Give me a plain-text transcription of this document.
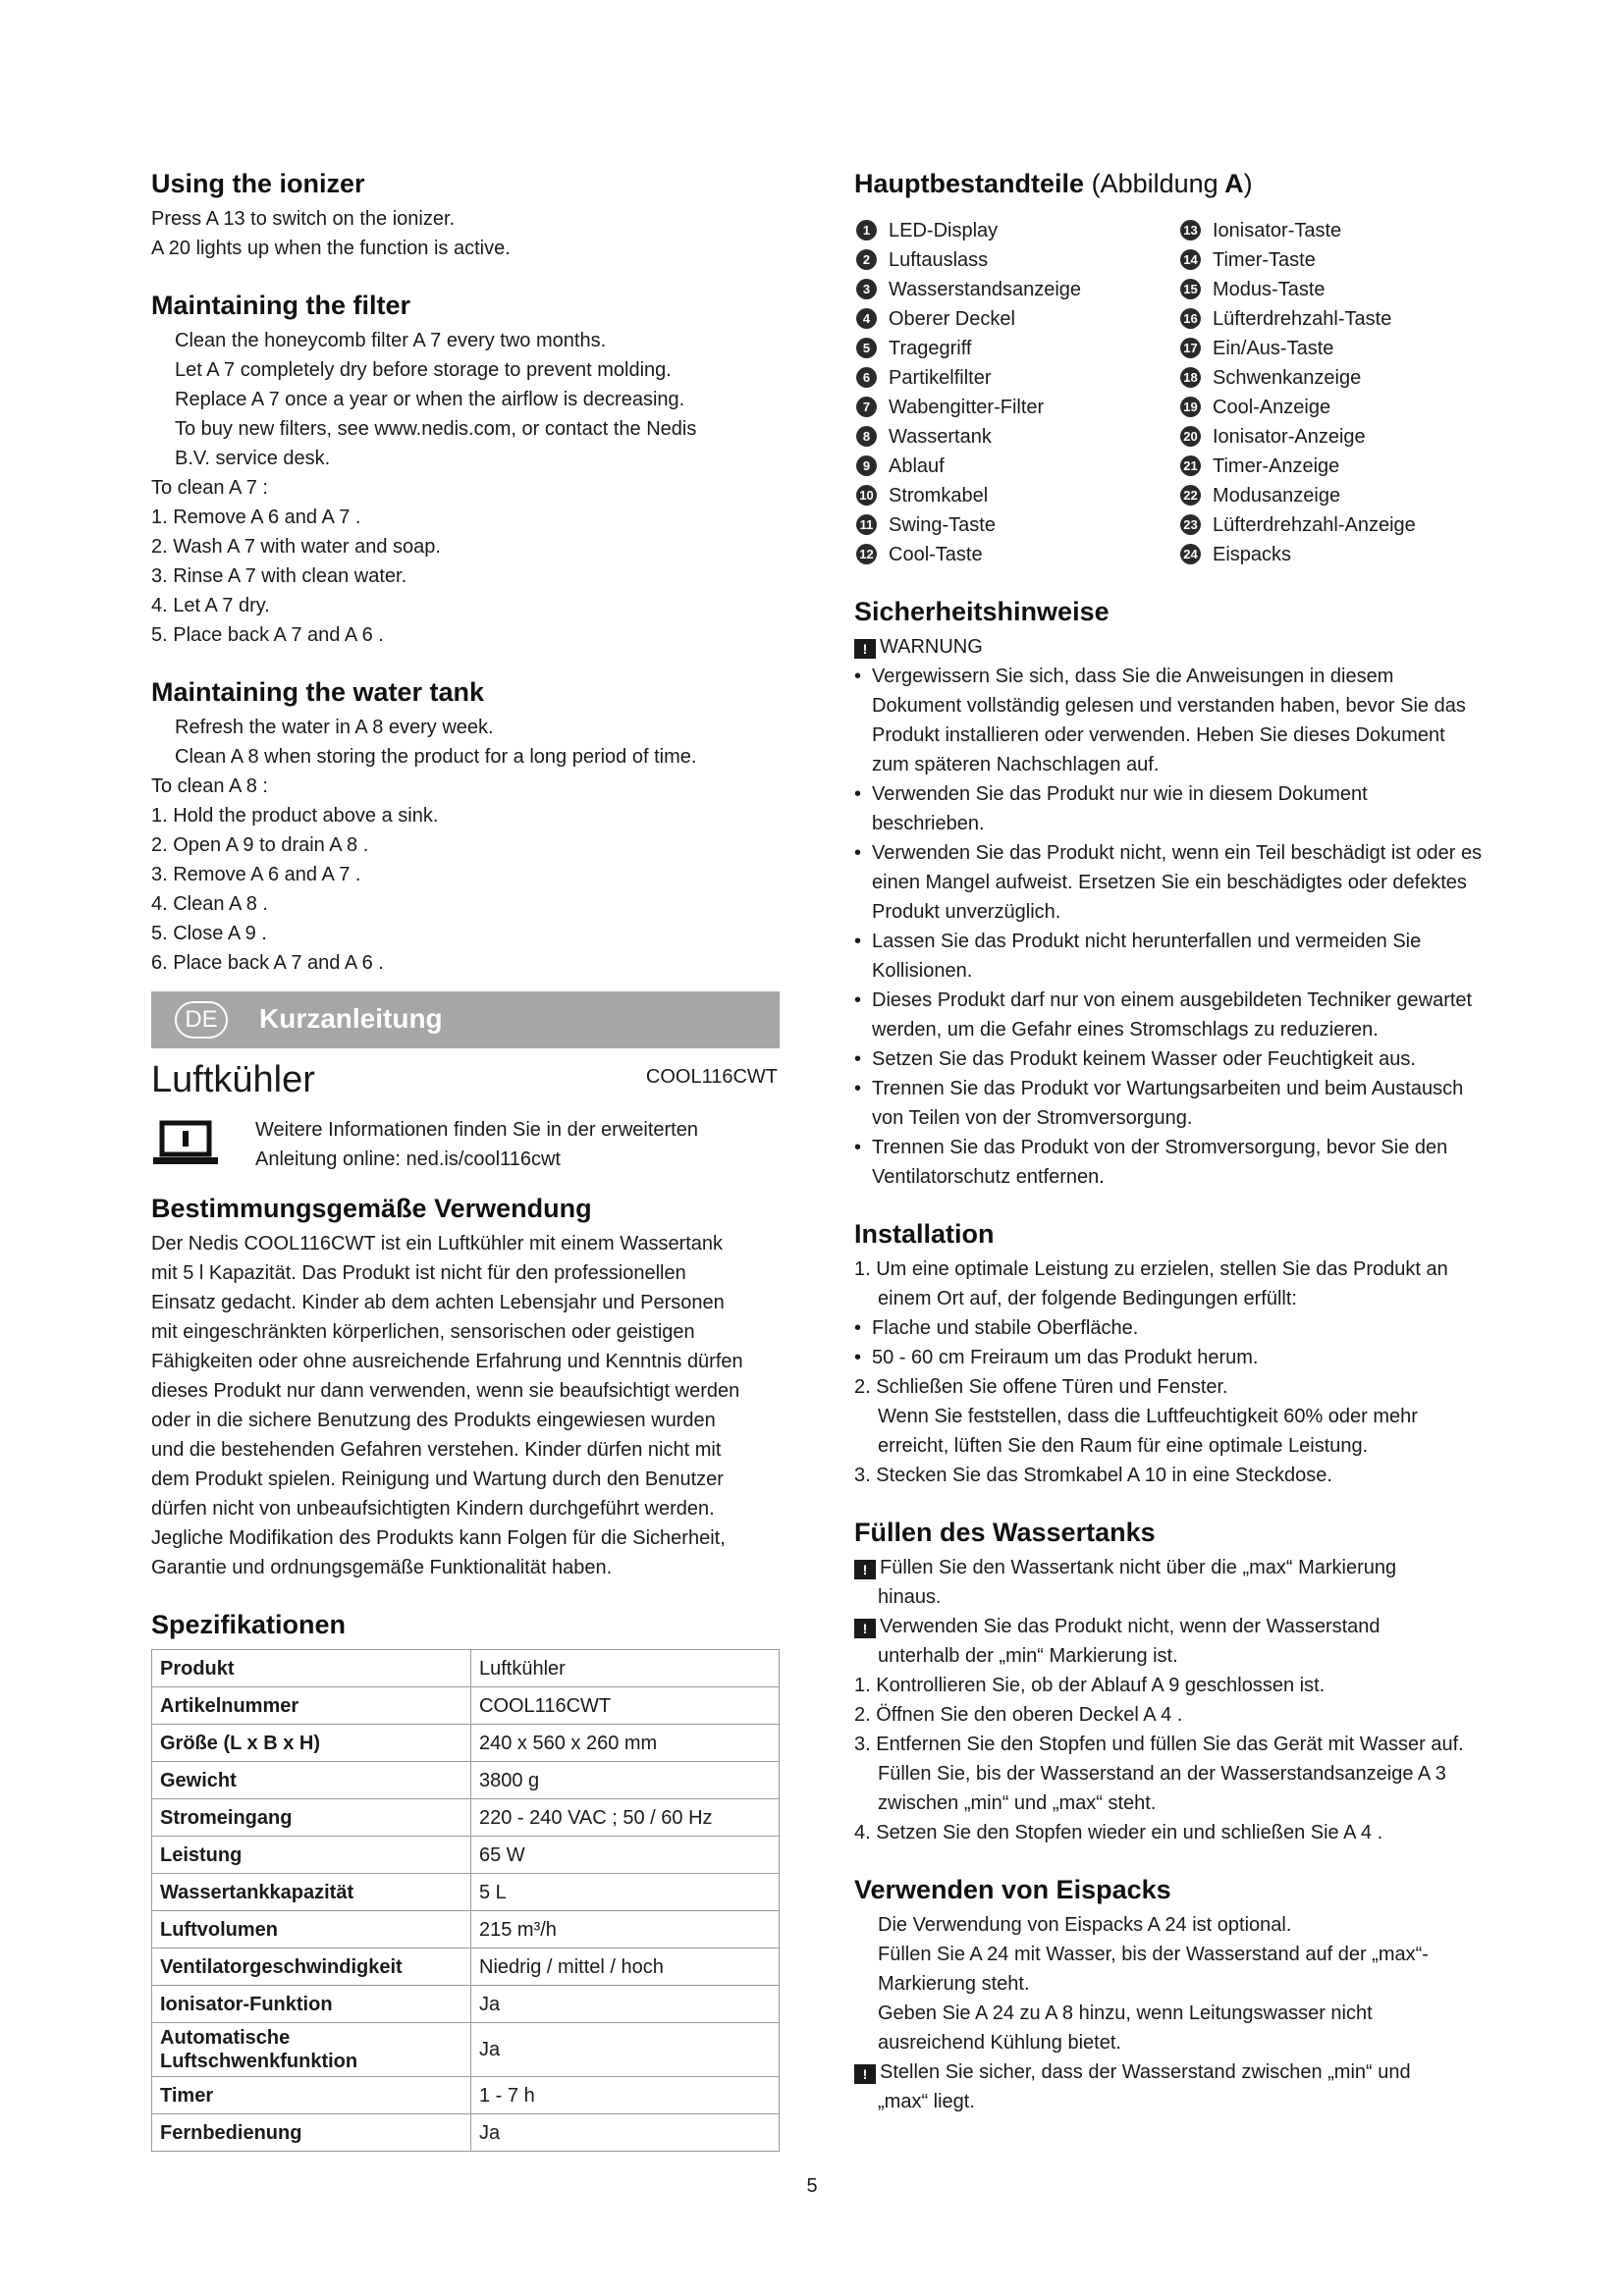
Using the ionizer

Press A 13 to switch on the ionizer.

A 20 lights up when the function is active.

Maintaining the filter

Clean the honeycomb filter A 7 every two months.

Let A 7 completely dry before storage to prevent molding.

Replace A 7 once a year or when the airflow is decreasing.

To buy new filters, see www.nedis.com, or contact the Nedis

B.V. service desk.

To clean A 7 :

1. Remove A 6 and A 7 .

2. Wash A 7 with water and soap.

3. Rinse A 7 with clean water.

4. Let A 7 dry.

5. Place back A 7 and A 6 .

Maintaining the water tank

Refresh the water in A 8 every week.

Clean A 8 when storing the product for a long period of time.

To clean A 8 :

1. Hold the product above a sink.

2. Open A 9 to drain A 8 .

3. Remove A 6 and A 7 .

4. Clean A 8 .

5. Close A 9 .

6. Place back A 7 and A 6 .

DE	Kurzanleitung
Luftkühler	COOL116CWT
Weitere Informationen finden Sie in der erweiterten
Anleitung online: ned.is/cool116cwt

Bestimmungsgemäße Verwendung

Der Nedis COOL116CWT ist ein Luftkühler mit einem Wassertank

mit 5 l Kapazität. Das Produkt ist nicht für den professionellen

Einsatz gedacht. Kinder ab dem achten Lebensjahr und Personen

mit eingeschränkten körperlichen, sensorischen oder geistigen

Fähigkeiten oder ohne ausreichende Erfahrung und Kenntnis dürfen

dieses Produkt nur dann verwenden, wenn sie beaufsichtigt werden

oder in die sichere Benutzung des Produkts eingewiesen wurden

und die bestehenden Gefahren verstehen. Kinder dürfen nicht mit

dem Produkt spielen. Reinigung und Wartung durch den Benutzer

dürfen nicht von unbeaufsichtigten Kindern durchgeführt werden.

Jegliche Modifikation des Produkts kann Folgen für die Sicherheit,

Garantie und ordnungsgemäße Funktionalität haben.

Spezifikationen

Produkt	Luftkühler
Artikelnummer	COOL116CWT
Größe (L x B x H)	240 x 560 x 260 mm
Gewicht	3800 g
Stromeingang	220 - 240 VAC ; 50 / 60 Hz
Leistung	65 W
Wassertankkapazität	5 L
Luftvolumen	215 m³/h
Ventilatorgeschwindigkeit	Niedrig / mittel / hoch
Ionisator-Funktion	Ja
Automatische Luftschwenkfunktion	Ja
Timer	1 - 7 h
Fernbedienung	Ja

Hauptbestandteile (Abbildung A)

1 LED-Display

2 Luftauslass

3 Wasserstandsanzeige

4 Oberer Deckel

5 Tragegriff

6 Partikelfilter

7 Wabengitter-Filter

8 Wassertank

9 Ablauf

10 Stromkabel

11 Swing-Taste

12 Cool-Taste

13 Ionisator-Taste

14 Timer-Taste

15 Modus-Taste

16 Lüfterdrehzahl-Taste

17 Ein/Aus-Taste

18 Schwenkanzeige

19 Cool-Anzeige

20 Ionisator-Anzeige

21 Timer-Anzeige

22 Modusanzeige

23 Lüfterdrehzahl-Anzeige

24 Eispacks

Sicherheitshinweise

! WARNUNG

• Vergewissern Sie sich, dass Sie die Anweisungen in diesem Dokument vollständig gelesen und verstanden haben, bevor Sie das Produkt installieren oder verwenden. Heben Sie dieses Dokument zum späteren Nachschlagen auf.

• Verwenden Sie das Produkt nur wie in diesem Dokument beschrieben.

• Verwenden Sie das Produkt nicht, wenn ein Teil beschädigt ist oder es einen Mangel aufweist. Ersetzen Sie ein beschädigtes oder defektes Produkt unverzüglich.

• Lassen Sie das Produkt nicht herunterfallen und vermeiden Sie Kollisionen.

• Dieses Produkt darf nur von einem ausgebildeten Techniker gewartet werden, um die Gefahr eines Stromschlags zu reduzieren.

• Setzen Sie das Produkt keinem Wasser oder Feuchtigkeit aus.

• Trennen Sie das Produkt vor Wartungsarbeiten und beim Austausch von Teilen von der Stromversorgung.

• Trennen Sie das Produkt von der Stromversorgung, bevor Sie den Ventilatorschutz entfernen.

Installation

1. Um eine optimale Leistung zu erzielen, stellen Sie das Produkt an

einem Ort auf, der folgende Bedingungen erfüllt:

• Flache und stabile Oberfläche.

• 50 - 60 cm Freiraum um das Produkt herum.

2. Schließen Sie offene Türen und Fenster.

Wenn Sie feststellen, dass die Luftfeuchtigkeit 60% oder mehr

erreicht, lüften Sie den Raum für eine optimale Leistung.

3. Stecken Sie das Stromkabel A 10 in eine Steckdose.

Füllen des Wassertanks

! Füllen Sie den Wassertank nicht über die „max“ Markierung

hinaus.

! Verwenden Sie das Produkt nicht, wenn der Wasserstand

unterhalb der „min“ Markierung ist.

1. Kontrollieren Sie, ob der Ablauf A 9 geschlossen ist.

2. Öffnen Sie den oberen Deckel A 4 .

3. Entfernen Sie den Stopfen und füllen Sie das Gerät mit Wasser auf.

Füllen Sie, bis der Wasserstand an der Wasserstandsanzeige A 3

zwischen „min“ und „max“ steht.

4. Setzen Sie den Stopfen wieder ein und schließen Sie A 4 .

Verwenden von Eispacks

Die Verwendung von Eispacks A 24 ist optional.

Füllen Sie A 24 mit Wasser, bis der Wasserstand auf der „max“-

Markierung steht.

Geben Sie A 24 zu A 8 hinzu, wenn Leitungswasser nicht

ausreichend Kühlung bietet.

! Stellen Sie sicher, dass der Wasserstand zwischen „min“ und

„max“ liegt.

5
